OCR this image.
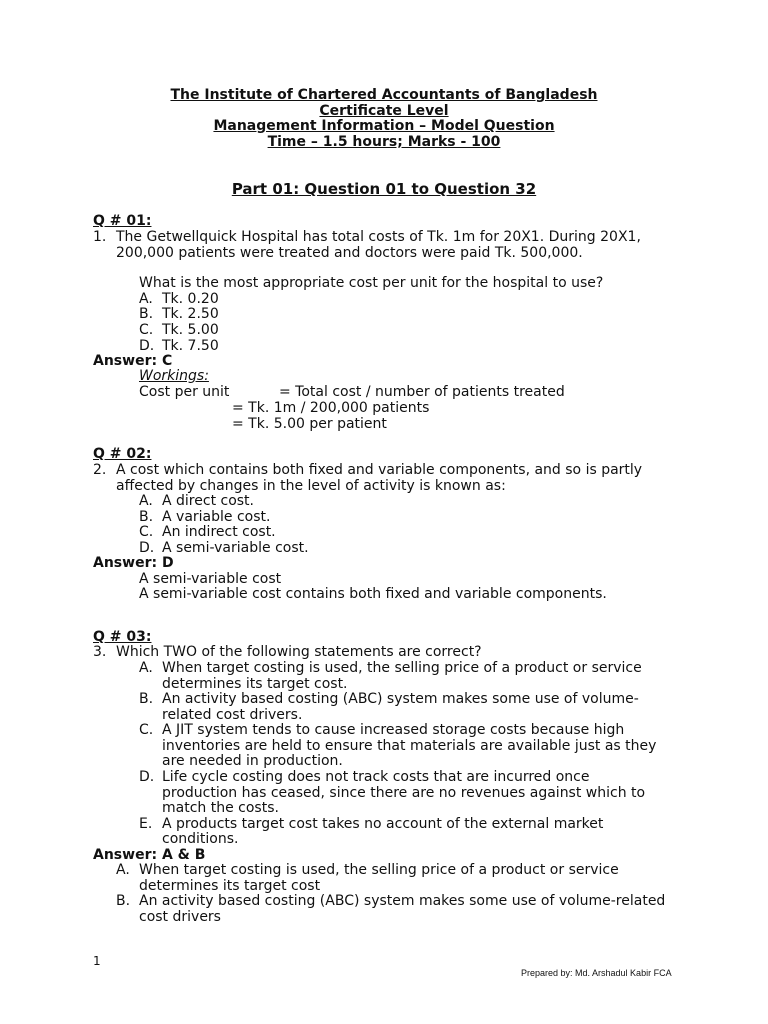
The Institute of Chartered Accountants of Bangladesh
Certificate Level
Management Information – Model Question
Time – 1.5 hours; Marks - 100
Part 01: Question 01 to Question 32
Q # 01:
1. The Getwellquick Hospital has total costs of Tk. 1m for 20X1. During 20X1,
200,000 patients were treated and doctors were paid Tk. 500,000.
What is the most appropriate cost per unit for the hospital to use?
A. Tk. 0.20
B. Tk. 2.50
C. Tk. 5.00
D. Tk. 7.50
Answer: C
Workings:
Cost per unit	= Total cost / number of patients treated
= Tk. 1m / 200,000 patients
= Tk. 5.00 per patient
Q # 02:
2. A cost which contains both fixed and variable components, and so is partly
affected by changes in the level of activity is known as:
A. A direct cost.
B. A variable cost.
C. An indirect cost.
D. A semi-variable cost.
Answer: D
A semi-variable cost
A semi-variable cost contains both fixed and variable components.
Q # 03:
3. Which TWO of the following statements are correct?
A. When target costing is used, the selling price of a product or service
determines its target cost.
B. An activity based costing (ABC) system makes some use of volume-
related cost drivers.
C. A JIT system tends to cause increased storage costs because high
inventories are held to ensure that materials are available just as they
are needed in production.
D. Life cycle costing does not track costs that are incurred once
production has ceased, since there are no revenues against which to
match the costs.
E. A products target cost takes no account of the external market
conditions.
Answer: A & B
A. When target costing is used, the selling price of a product or service
determines its target cost
B. An activity based costing (ABC) system makes some use of volume-related
cost drivers
1
Prepared by: Md. Arshadul Kabir FCA
